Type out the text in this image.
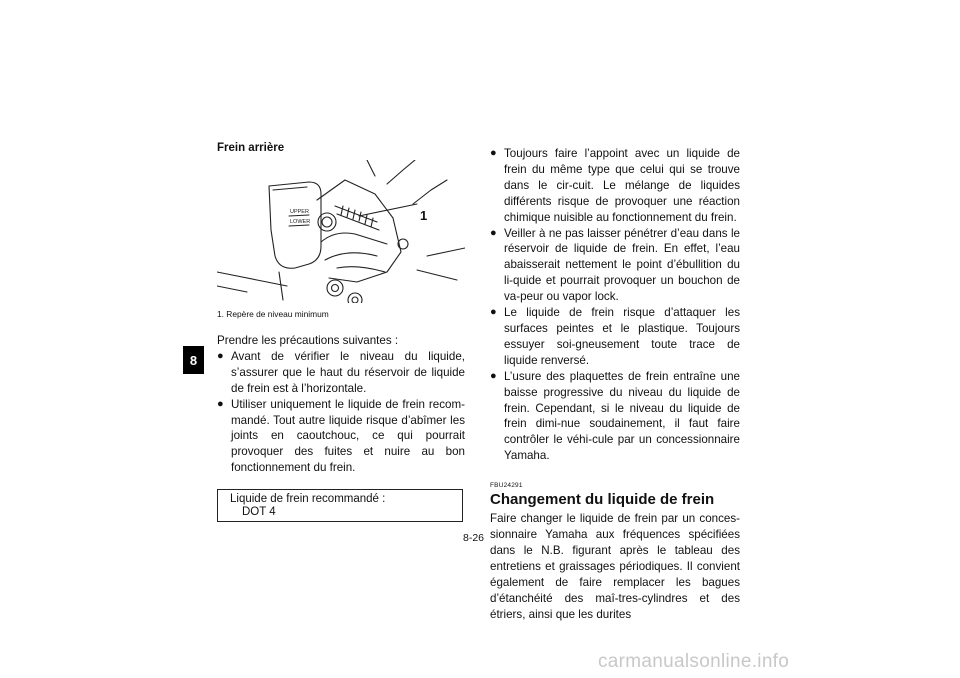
8
Frein arrière
UPPER
LOWER	1
1. Repère de niveau minimum

Prendre les précautions suivantes :

● Avant de vérifier le niveau du liquide, s’assurer que le haut du réservoir de liquide de frein est à l’horizontale.
● Utiliser uniquement le liquide de frein recom-mandé. Tout autre liquide risque d’abîmer les joints en caoutchouc, ce qui pourrait provoquer des fuites et nuire au bon fonctionnement du frein.
Liquide de frein recommandé :
DOT 4
● Toujours faire l’appoint avec un liquide de frein du même type que celui qui se trouve dans le cir-cuit. Le mélange de liquides différents risque de provoquer une réaction chimique nuisible au fonctionnement du frein.
● Veiller à ne pas laisser pénétrer d’eau dans le réservoir de liquide de frein. En effet, l’eau abaisserait nettement le point d’ébullition du li-quide et pourrait provoquer un bouchon de va-peur ou vapor lock.
● Le liquide de frein risque d’attaquer les surfaces peintes et le plastique. Toujours essuyer soi-gneusement toute trace de liquide renversé.
● L’usure des plaquettes de frein entraîne une baisse progressive du niveau du liquide de frein. Cependant, si le niveau du liquide de frein dimi-nue soudainement, il faut faire contrôler le véhi-cule par un concessionnaire Yamaha.
FBU24291
Changement du liquide de frein

Faire changer le liquide de frein par un conces-sionnaire Yamaha aux fréquences spécifiées dans le N.B. figurant après le tableau des entretiens et graissages périodiques. Il convient également de faire remplacer les bagues d’étanchéité des maî-tres-cylindres et des étriers, ainsi que les durites

8-26
carmanualsonline.info
